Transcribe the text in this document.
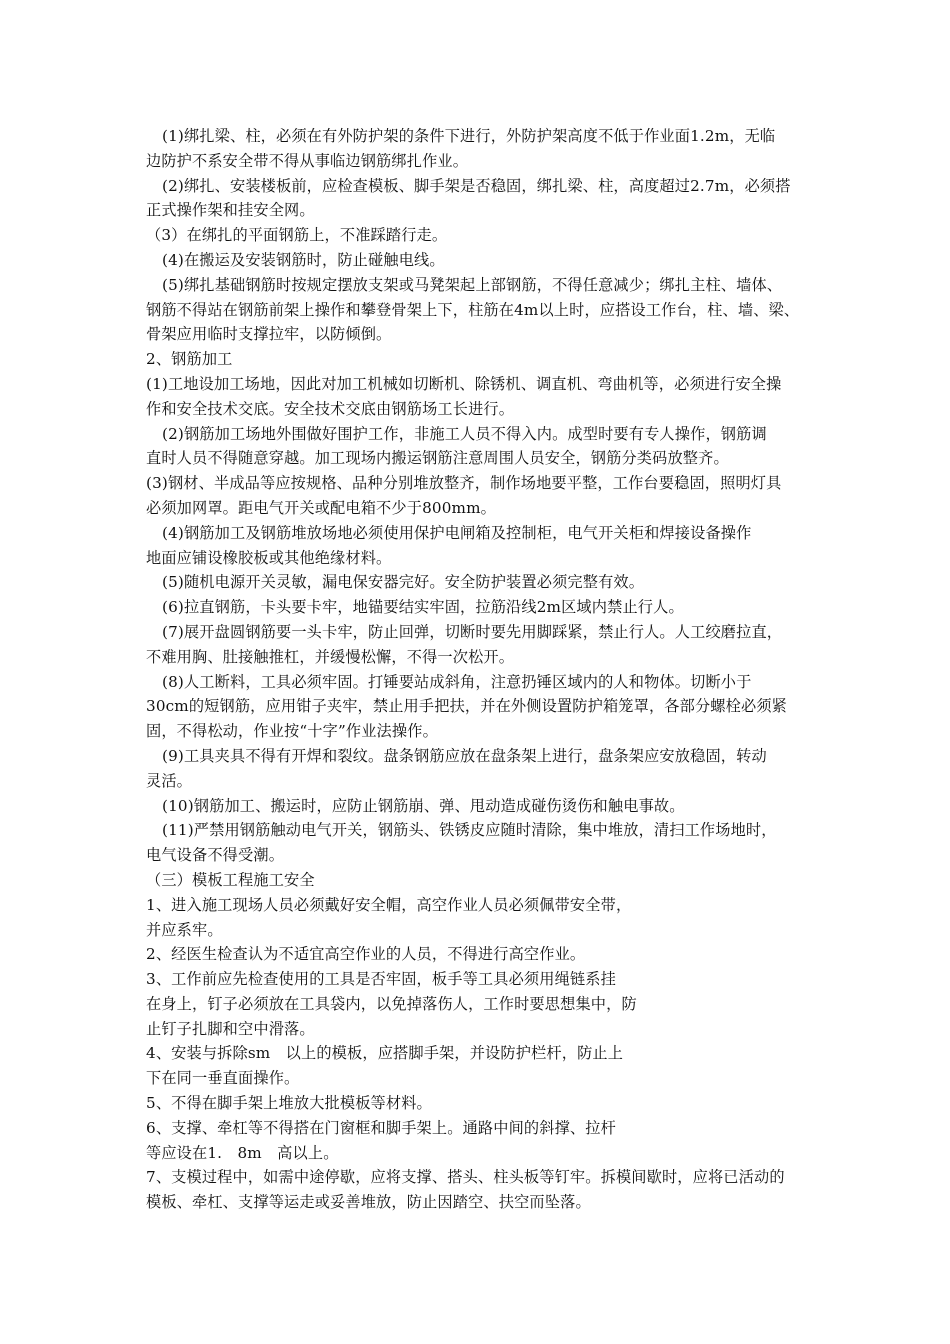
(1)绑扎梁、柱，必须在有外防护架的条件下进行，外防护架高度不低于作业面1.2m，无临
边防护不系安全带不得从事临边钢筋绑扎作业。
(2)绑扎、安装楼板前，应检查模板、脚手架是否稳固，绑扎梁、柱，高度超过2.7m，必须搭
正式操作架和挂安全网。
（3）在绑扎的平面钢筋上，不准踩踏行走。
(4)在搬运及安装钢筋时，防止碰触电线。
(5)绑扎基础钢筋时按规定摆放支架或马凳架起上部钢筋，不得任意减少；绑扎主柱、墙体、
钢筋不得站在钢筋前架上操作和攀登骨架上下，柱筋在4m以上时，应搭设工作台，柱、墙、梁、
骨架应用临时支撑拉牢，以防倾倒。
2、钢筋加工
(1)工地设加工场地，因此对加工机械如切断机、除锈机、调直机、弯曲机等，必须进行安全操
作和安全技术交底。安全技术交底由钢筋场工长进行。
(2)钢筋加工场地外围做好围护工作，非施工人员不得入内。成型时要有专人操作，钢筋调
直时人员不得随意穿越。加工现场内搬运钢筋注意周围人员安全，钢筋分类码放整齐。
(3)钢材、半成品等应按规格、品种分别堆放整齐，制作场地要平整，工作台要稳固，照明灯具
必须加网罩。距电气开关或配电箱不少于800mm。
(4)钢筋加工及钢筋堆放场地必须使用保护电闸箱及控制柜，电气开关柜和焊接设备操作
地面应铺设橡胶板或其他绝缘材料。
(5)随机电源开关灵敏，漏电保安器完好。安全防护装置必须完整有效。
(6)拉直钢筋，卡头要卡牢，地锚要结实牢固，拉筋沿线2m区域内禁止行人。
(7)展开盘圆钢筋要一头卡牢，防止回弹，切断时要先用脚踩紧，禁止行人。人工绞磨拉直，
不难用胸、肚接触推杠，并缓慢松懈，不得一次松开。
(8)人工断料，工具必须牢固。打锤要站成斜角，注意扔锤区域内的人和物体。切断小于
30cm的短钢筋，应用钳子夹牢，禁止用手把扶，并在外侧设置防护箱笼罩，各部分螺栓必须紧
固，不得松动，作业按“十字”作业法操作。
(9)工具夹具不得有开焊和裂纹。盘条钢筋应放在盘条架上进行，盘条架应安放稳固，转动
灵活。
(10)钢筋加工、搬运时，应防止钢筋崩、弹、甩动造成碰伤烫伤和触电事故。
(11)严禁用钢筋触动电气开关，钢筋头、铁锈皮应随时清除，集中堆放，清扫工作场地时，
电气设备不得受潮。
（三）模板工程施工安全
1、进入施工现场人员必须戴好安全帽，高空作业人员必须佩带安全带，
并应系牢。
2、经医生检查认为不适宜高空作业的人员，不得进行高空作业。
3、工作前应先检查使用的工具是否牢固，板手等工具必须用绳链系挂
在身上，钉子必须放在工具袋内，以免掉落伤人，工作时要思想集中，防
止钉子扎脚和空中滑落。
4、安装与拆除sm　以上的模板，应搭脚手架，并设防护栏杆，防止上
下在同一垂直面操作。
5、不得在脚手架上堆放大批模板等材料。
6、支撑、牵杠等不得搭在门窗框和脚手架上。通路中间的斜撑、拉杆
等应设在1.　8m　高以上。
7、支模过程中，如需中途停歇，应将支撑、搭头、柱头板等钉牢。拆模间歇时，应将已活动的
模板、牵杠、支撑等运走或妥善堆放，防止因踏空、扶空而坠落。
